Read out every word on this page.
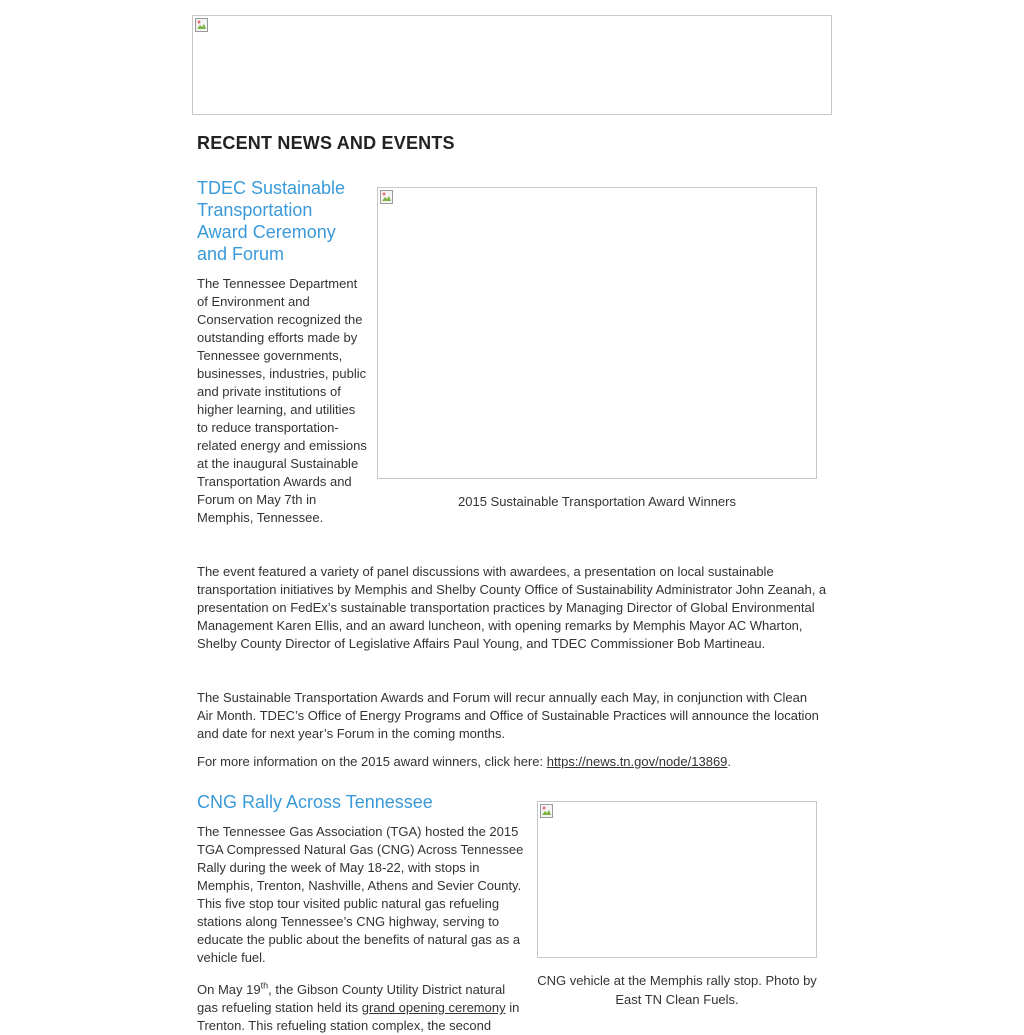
RECENT NEWS AND EVENTS
TDEC Sustainable Transportation Award Ceremony and Forum
The Tennessee Department of Environment and Conservation recognized the outstanding efforts made by Tennessee governments, businesses, industries, public and private institutions of higher learning, and utilities to reduce transportation-related energy and emissions at the inaugural Sustainable Transportation Awards and Forum on May 7th in Memphis, Tennessee.
2015 Sustainable Transportation Award Winners
The event featured a variety of panel discussions with awardees, a presentation on local sustainable transportation initiatives by Memphis and Shelby County Office of Sustainability Administrator John Zeanah, a presentation on FedEx’s sustainable transportation practices by Managing Director of Global Environmental Management Karen Ellis, and an award luncheon, with opening remarks by Memphis Mayor AC Wharton, Shelby County Director of Legislative Affairs Paul Young, and TDEC Commissioner Bob Martineau.
The Sustainable Transportation Awards and Forum will recur annually each May, in conjunction with Clean Air Month. TDEC’s Office of Energy Programs and Office of Sustainable Practices will announce the location and date for next year’s Forum in the coming months.
For more information on the 2015 award winners, click here: https://news.tn.gov/node/13869.
CNG Rally Across Tennessee
The Tennessee Gas Association (TGA) hosted the 2015 TGA Compressed Natural Gas (CNG) Across Tennessee Rally during the week of May 18-22, with stops in Memphis, Trenton, Nashville, Athens and Sevier County. This five stop tour visited public natural gas refueling stations along Tennessee’s CNG highway, serving to educate the public about the benefits of natural gas as a vehicle fuel.
On May 19th, the Gibson County Utility District natural gas refueling station held its grand opening ceremony in Trenton. This refueling station complex, the second
CNG vehicle at the Memphis rally stop. Photo by East TN Clean Fuels.
